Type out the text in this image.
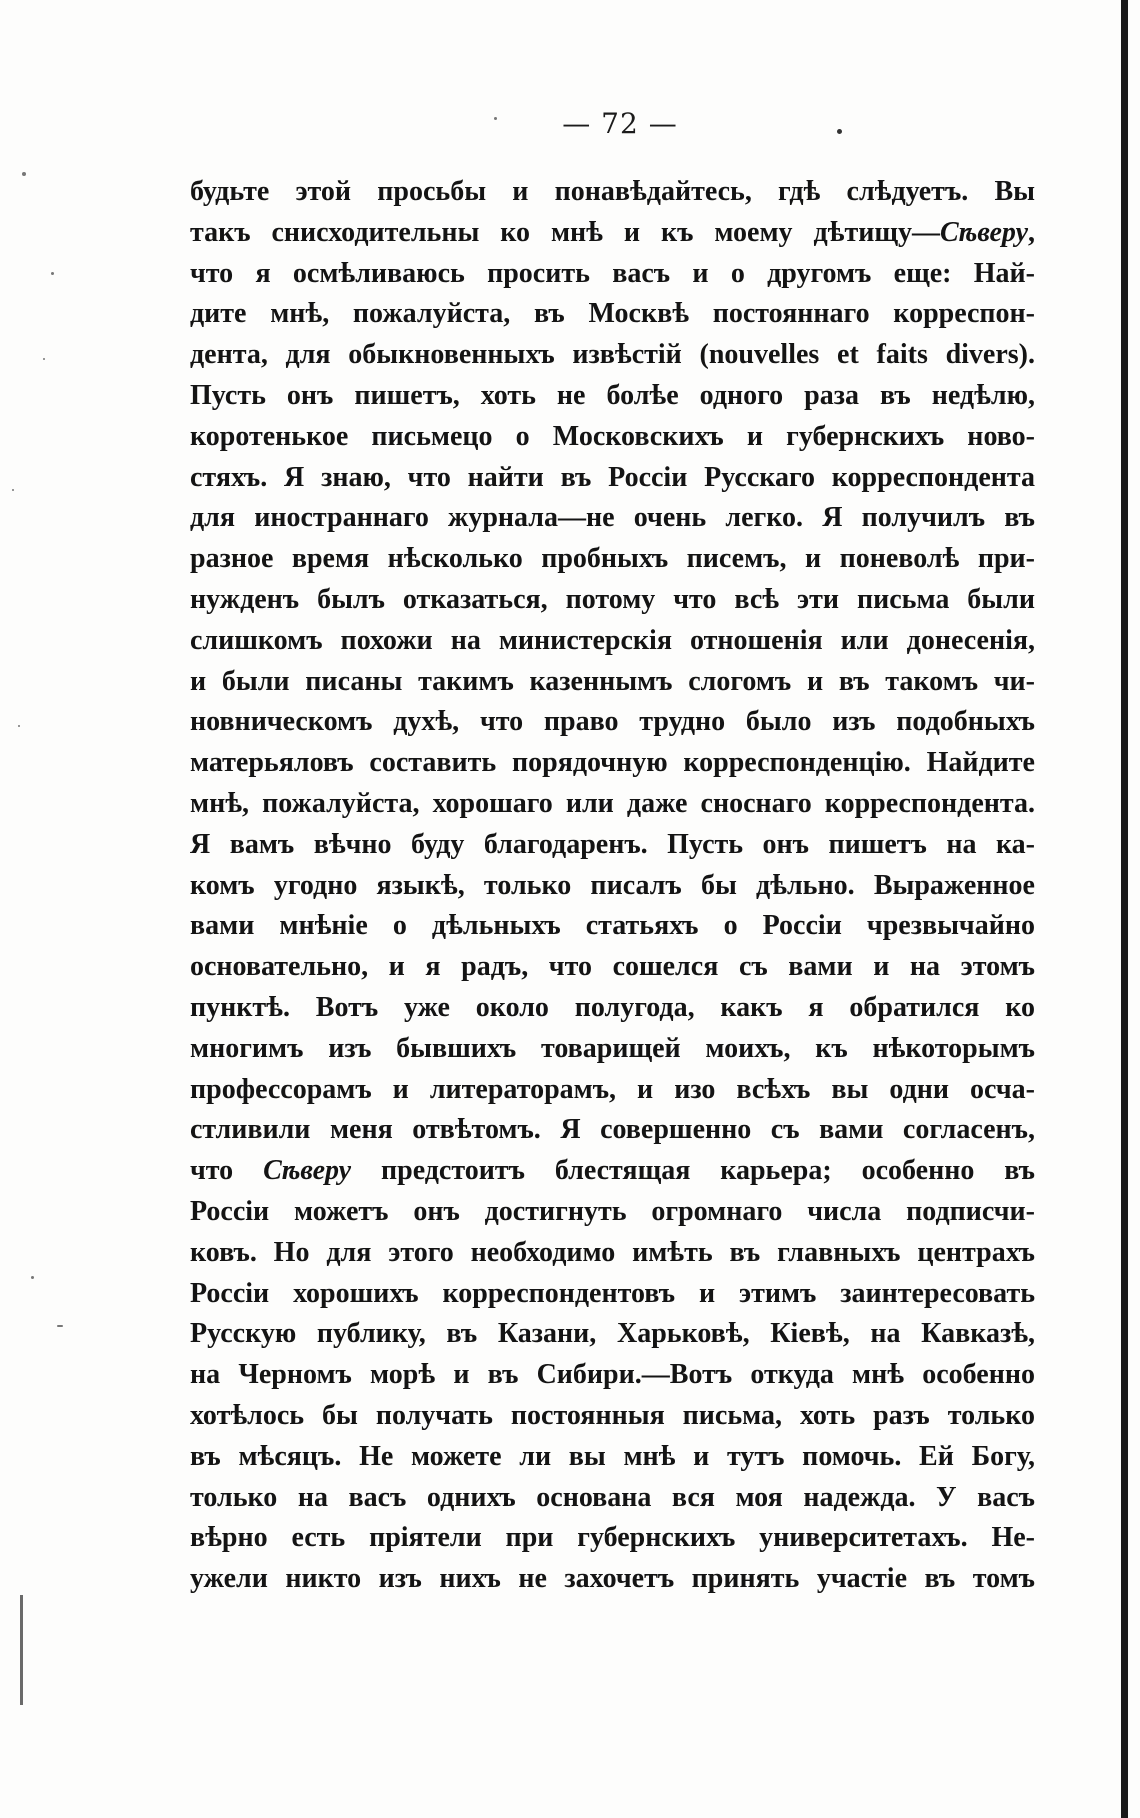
— 72 —
будьте этой просьбы и понавѣдайтесь, гдѣ слѣдуетъ. Вы
такъ снисходительны ко мнѣ и къ моему дѣтищу—Сѣверу,
что я осмѣливаюсь просить васъ и о другомъ еще: Най-
дите мнѣ, пожалуйста, въ Москвѣ постояннаго корреспон-
дента, для обыкновенныхъ извѣстій (nouvelles et faits divers).
Пусть онъ пишетъ, хоть не болѣе одного раза въ недѣлю,
коротенькое письмецо о Московскихъ и губернскихъ ново-
стяхъ. Я знаю, что найти въ Россіи Русскаго корреспондента
для иностраннаго журнала—не очень легко. Я получилъ въ
разное время нѣсколько пробныхъ писемъ, и поневолѣ при-
нужденъ былъ отказаться, потому что всѣ эти письма были
слишкомъ похожи на министерскія отношенія или донесенія,
и были писаны такимъ казеннымъ слогомъ и въ такомъ чи-
новническомъ духѣ, что право трудно было изъ подобныхъ
матерьяловъ составить порядочную корреспонденцію. Найдите
мнѣ, пожалуйста, хорошаго или даже сноснаго корреспондента.
Я вамъ вѣчно буду благодаренъ. Пусть онъ пишетъ на ка-
комъ угодно языкѣ, только писалъ бы дѣльно. Выраженное
вами мнѣніе о дѣльныхъ статьяхъ о Россіи чрезвычайно
основательно, и я радъ, что сошелся съ вами и на этомъ
пунктѣ. Вотъ уже около полугода, какъ я обратился ко
многимъ изъ бывшихъ товарищей моихъ, къ нѣкоторымъ
профессорамъ и литераторамъ, и изо всѣхъ вы одни осча-
стливили меня отвѣтомъ. Я совершенно съ вами согласенъ,
что Сѣверу предстоитъ блестящая карьера; особенно въ
Россіи можетъ онъ достигнуть огромнаго числа подписчи-
ковъ. Но для этого необходимо имѣть въ главныхъ центрахъ
Россіи хорошихъ корреспондентовъ и этимъ заинтересовать
Русскую публику, въ Казани, Харьковѣ, Кіевѣ, на Кавказѣ,
на Черномъ морѣ и въ Сибири.—Вотъ откуда мнѣ особенно
хотѣлось бы получать постоянныя письма, хоть разъ только
въ мѣсяцъ. Не можете ли вы мнѣ и тутъ помочь. Ей Богу,
только на васъ однихъ основана вся моя надежда. У васъ
вѣрно есть пріятели при губернскихъ университетахъ. Не-
ужели никто изъ нихъ не захочетъ принять участіе въ томъ
